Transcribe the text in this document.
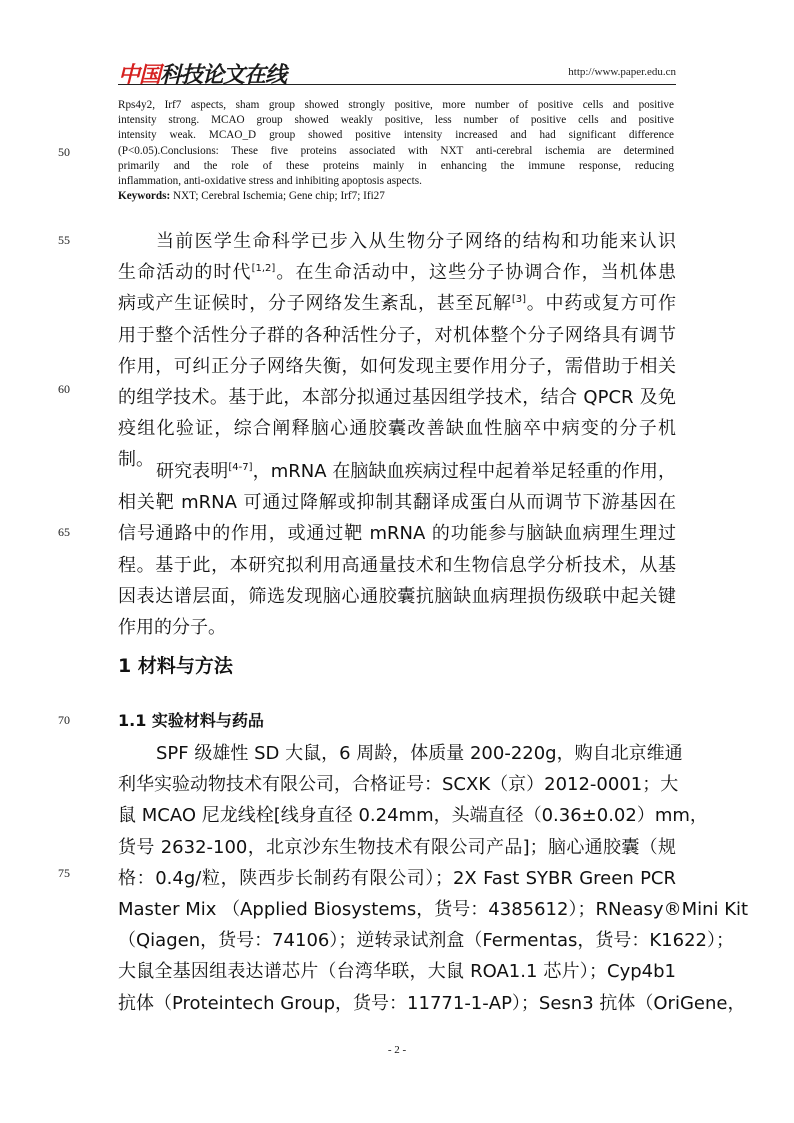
中国科技论文在线	http://www.paper.edu.cn
Rps4y2, Irf7 aspects, sham group showed strongly positive, more number of positive cells and positive
intensity strong. MCAO group showed weakly positive, less number of positive cells and positive
intensity weak. MCAO_D group showed positive intensity increased and had significant difference
(P<0.05).Conclusions: These five proteins associated with NXT anti-cerebral ischemia are determined
primarily and the role of these proteins mainly in enhancing the immune response, reducing
inflammation, anti-oxidative stress and inhibiting apoptosis aspects.
Keywords: NXT; Cerebral Ischemia; Gene chip; Irf7; Ifi27
50
55
60
65
70
75
当前医学生命科学已步入从生物分子网络的结构和功能来认识
生命活动的时代[1,2]。在生命活动中，这些分子协调合作，当机体患
病或产生证候时，分子网络发生紊乱，甚至瓦解[3]。中药或复方可作
用于整个活性分子群的各种活性分子，对机体整个分子网络具有调节
作用，可纠正分子网络失衡，如何发现主要作用分子，需借助于相关
的组学技术。基于此，本部分拟通过基因组学技术，结合 QPCR 及免
疫组化验证，综合阐释脑心通胶囊改善缺血性脑卒中病变的分子机
制。
研究表明[4-7]，mRNA 在脑缺血疾病过程中起着举足轻重的作用，
相关靶 mRNA 可通过降解或抑制其翻译成蛋白从而调节下游基因在
信号通路中的作用，或通过靶 mRNA 的功能参与脑缺血病理生理过
程。基于此，本研究拟利用高通量技术和生物信息学分析技术，从基
因表达谱层面，筛选发现脑心通胶囊抗脑缺血病理损伤级联中起关键
作用的分子。
1 材料与方法
1.1 实验材料与药品
SPF 级雄性 SD 大鼠，6 周龄，体质量 200-220g，购自北京维通
利华实验动物技术有限公司，合格证号：SCXK（京）2012-0001；大
鼠 MCAO 尼龙线栓[线身直径 0.24mm，头端直径（0.36±0.02）mm，
货号 2632-100，北京沙东生物技术有限公司产品]；脑心通胶囊（规
格：0.4g/粒，陕西步长制药有限公司）；2X Fast SYBR Green PCR
Master Mix （Applied Biosystems，货号：4385612）；RNeasy®Mini Kit
（Qiagen，货号：74106）；逆转录试剂盒（Fermentas，货号：K1622）；
大鼠全基因组表达谱芯片（台湾华联，大鼠 ROA1.1 芯片）；Cyp4b1
抗体（Proteintech Group，货号：11771-1-AP）；Sesn3 抗体（OriGene，
- 2 -
